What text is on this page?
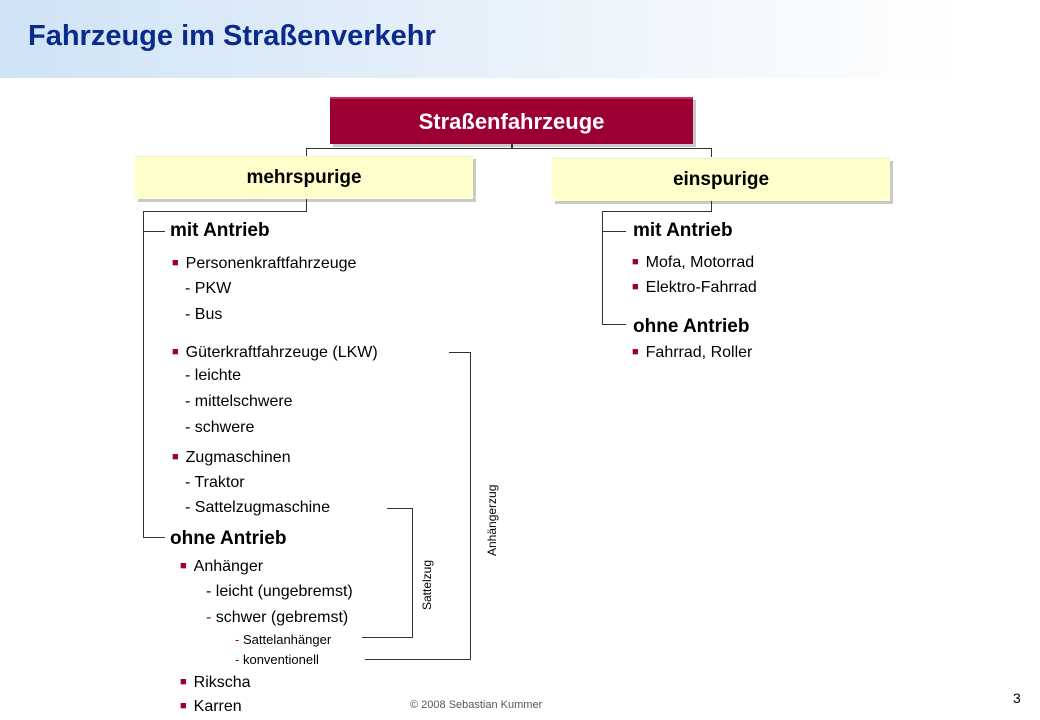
Fahrzeuge im Straßenverkehr
Straßenfahrzeuge
mehrspurige	einspurige
mit Antrieb
■ Personenkraftfahrzeuge
- PKW
- Bus
■ Güterkraftfahrzeuge (LKW)
- leichte
- mittelschwere
- schwere
■ Zugmaschinen
- Traktor
- Sattelzugmaschine
ohne Antrieb
■ Anhänger
- leicht (ungebremst)
- schwer (gebremst)
- Sattelanhänger
- konventionell
■ Rikscha
■ Karren
Sattelzug
Anhängerzug
mit Antrieb
■ Mofa, Motorrad
■ Elektro-Fahrrad
ohne Antrieb
■ Fahrrad, Roller
© 2008 Sebastian Kummer	3
